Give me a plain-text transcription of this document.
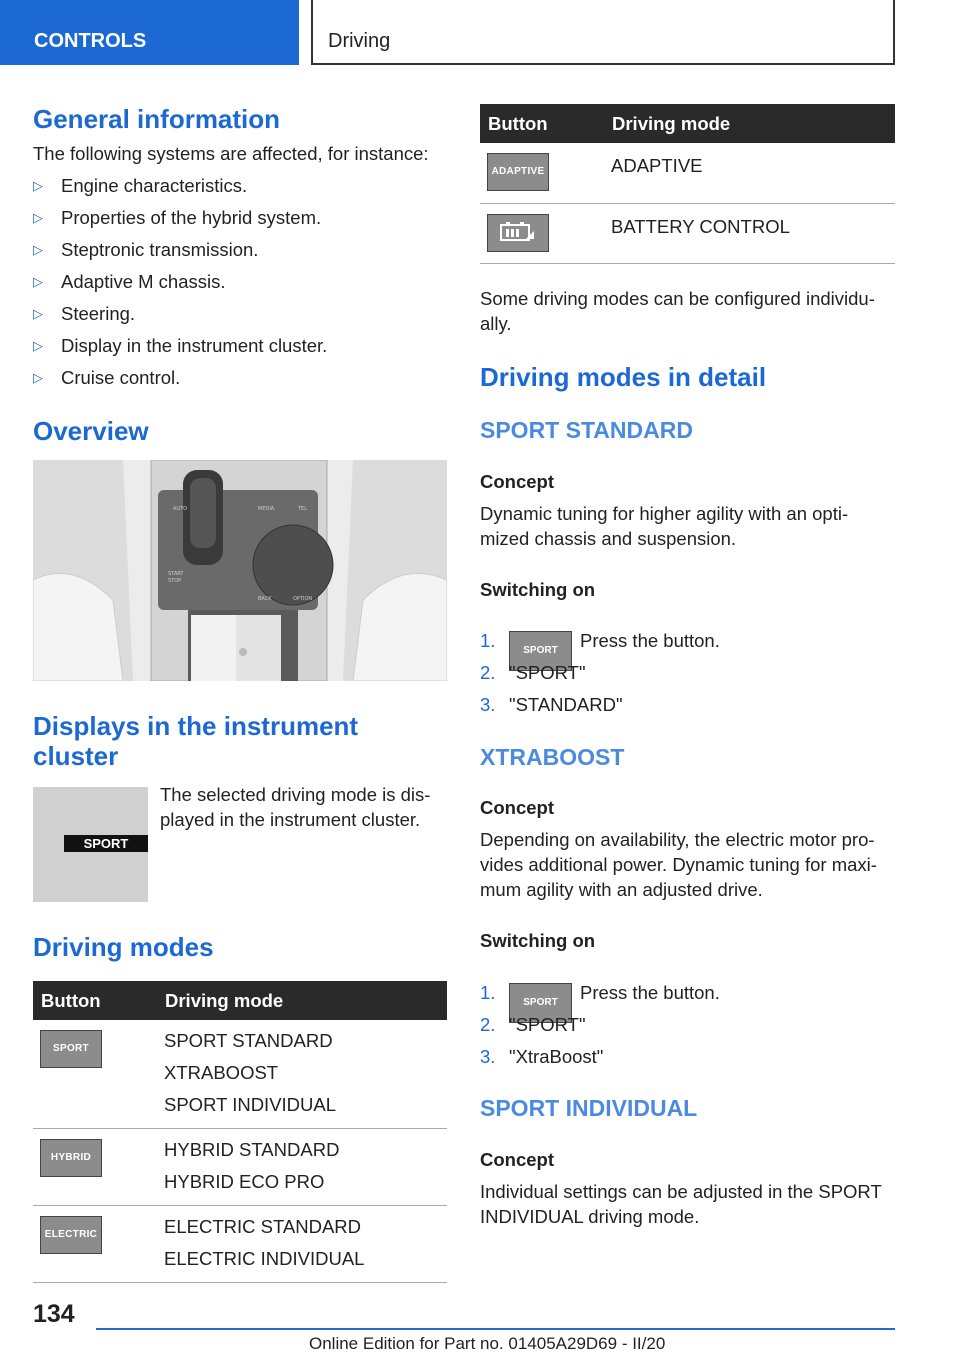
CONTROLS	Driving
General information
The following systems are affected, for instance:
▷ Engine characteristics.
▷ Properties of the hybrid system.
▷ Steptronic transmission.
▷ Adaptive M chassis.
▷ Steering.
▷ Display in the instrument cluster.
▷ Cruise control.
Overview
AUTO	MEDIA	TEL
BACK	OPTION
START
STOP
Displays in the instrument
cluster
SPORT
The selected driving mode is dis-
played in the instrument cluster.
Driving modes
Button	Driving mode
SPORT	SPORT STANDARD
XTRABOOST
SPORT INDIVIDUAL

HYBRID	HYBRID STANDARD
HYBRID ECO PRO

ELECTRIC	ELECTRIC STANDARD
ELECTRIC INDIVIDUAL
Button	Driving mode
ADAPTIVE	ADAPTIVE

BATTERY CONTROL
Some driving modes can be configured individu-
ally.
Driving modes in detail
SPORT STANDARD
Concept
Dynamic tuning for higher agility with an opti-
mized chassis and suspension.
Switching on
1.	SPORT Press the button.
2. "SPORT"
3. "STANDARD"
XTRABOOST
Concept
Depending on availability, the electric motor pro-
vides additional power. Dynamic tuning for maxi-
mum agility with an adjusted drive.
Switching on
1.	SPORT Press the button.
2. "SPORT"
3. "XtraBoost"
SPORT INDIVIDUAL
Concept
Individual settings can be adjusted in the SPORT
INDIVIDUAL driving mode.
134
Online Edition for Part no. 01405A29D69 - II/20
